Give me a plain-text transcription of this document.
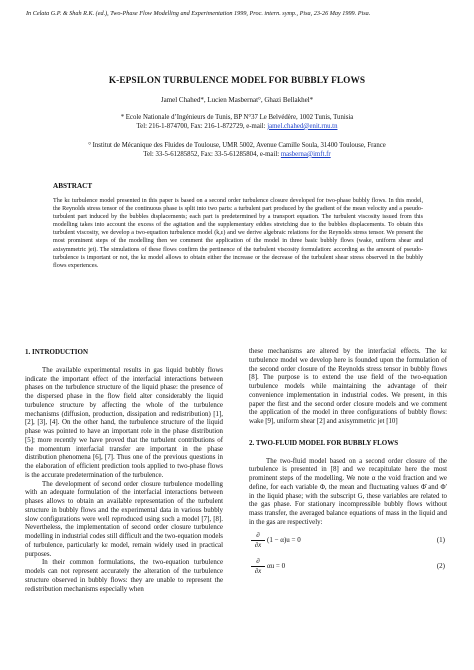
In Celata G.P. & Shah R.K. (ed.), Two-Phase Flow Modelling and Experimentation 1999, Proc. intern. symp., Pisa, 23-26 May 1999. Pisa.
K-EPSILON TURBULENCE MODEL FOR BUBBLY FLOWS
Jamel Chahed*, Lucien Masbernat°, Ghazi Bellakhel*
* Ecole Nationale d’Ingénieurs de Tunis, BP N°37 Le Belvédère, 1002 Tunis, Tunisia
Tel: 216-1-874700, Fax: 216-1-872729, e-mail: jamel.chahed@enit.rnu.tn
° Institut de Mécanique des Fluides de Toulouse, UMR 5002, Avenue Camille Soula, 31400 Toulouse, France
Tel: 33-5-61285852, Fax: 33-5-61285804, e-mail: masberna@imft.fr
ABSTRACT
The kε turbulence model presented in this paper is based on a second order turbulence closure developed for two-phase bubbly flows. In this model, the Reynolds stress tensor of the continuous phase is split into two parts: a turbulent part produced by the gradient of the mean velocity and a pseudo-turbulent part induced by the bubbles displacements; each part is predetermined by a transport equation. The turbulent viscosity issued from this modelling takes into account the excess of the agitation and the supplementary eddies stretching due to the bubbles displacements. To obtain this turbulent viscosity, we develop a two-equation turbulence model (k,ε) and we derive algebraic relations for the Reynolds stress tensor. We present the most prominent steps of the modelling then we comment the application of the model in three basic bubbly flows (wake, uniform shear and axisymmetric jet). The simulations of these flows confirm the pertinence of the turbulent viscosity formulation: according as the amount of pseudo-turbulence is important or not, the kε model allows to obtain either the increase or the decrease of the turbulent shear stress observed in the bubbly flows experiences.
1. INTRODUCTION
The available experimental results in gas liquid bubbly flows indicate the important effect of the interfacial interactions between phases on the turbulence structure of the liquid phase: the presence of the dispersed phase in the flow field alter considerably the liquid turbulence structure by affecting the whole of the turbulence mechanisms (diffusion, production, dissipation and redistribution) [1], [2], [3], [4]. On the other hand, the turbulence structure of the liquid phase was pointed to have an important role in the phase distribution [5]; more recently we have proved that the turbulent contributions of the momentum interfacial transfer are important in the phase distribution phenomena [6], [7]. Thus one of the previous questions in the elaboration of efficient prediction tools applied to two-phase flows is the accurate predetermination of the turbulence.
The development of second order closure turbulence modelling with an adequate formulation of the interfacial interactions between phases allows to obtain an available representation of the turbulent structure in bubbly flows and the experimental data in various bubbly slow configurations were well reproduced using such a model [7], [8]. Nevertheless, the implementation of second order closure turbulence modelling in industrial codes still difficult and the two-equation models of turbulence, particularly kε model, remain widely used in practical purposes.
In their common formulations, the two-equation turbulence models can not represent accurately the alteration of the turbulence structure observed in bubbly flows: they are unable to represent the redistribution mechanisms especially when
these mechanisms are altered by the interfacial effects. The kε turbulence model we develop here is founded upon the formulation of the second order closure of the Reynolds stress tensor in bubbly flows [8]. The purpose is to extend the use field of the two-equation turbulence models while maintaining the advantage of their convenience implementation in industrial codes. We present, in this paper the first and the second order closure models and we comment the application of the model in three configurations of bubbly flows: wake [9], uniform shear [2] and axisymmetric jet [10]
2. TWO-FLUID MODEL FOR BUBBLY FLOWS
The two-fluid model based on a second order closure of the turbulence is presented in [8] and we recapitulate here the most prominent steps of the modelling. We note α the void fraction and we define, for each variable Φ, the mean and fluctuating values Φ̄ and Φ′ in the liquid phase; with the subscript G, these variables are related to the gas phase. For stationary incompressible bubbly flows without mass transfer, the averaged balance equations of mass in the liquid and in the gas are respectively:
∂
∂x
(1 − α)u = 0	(1)
∂
∂x
αu = 0	(2)
